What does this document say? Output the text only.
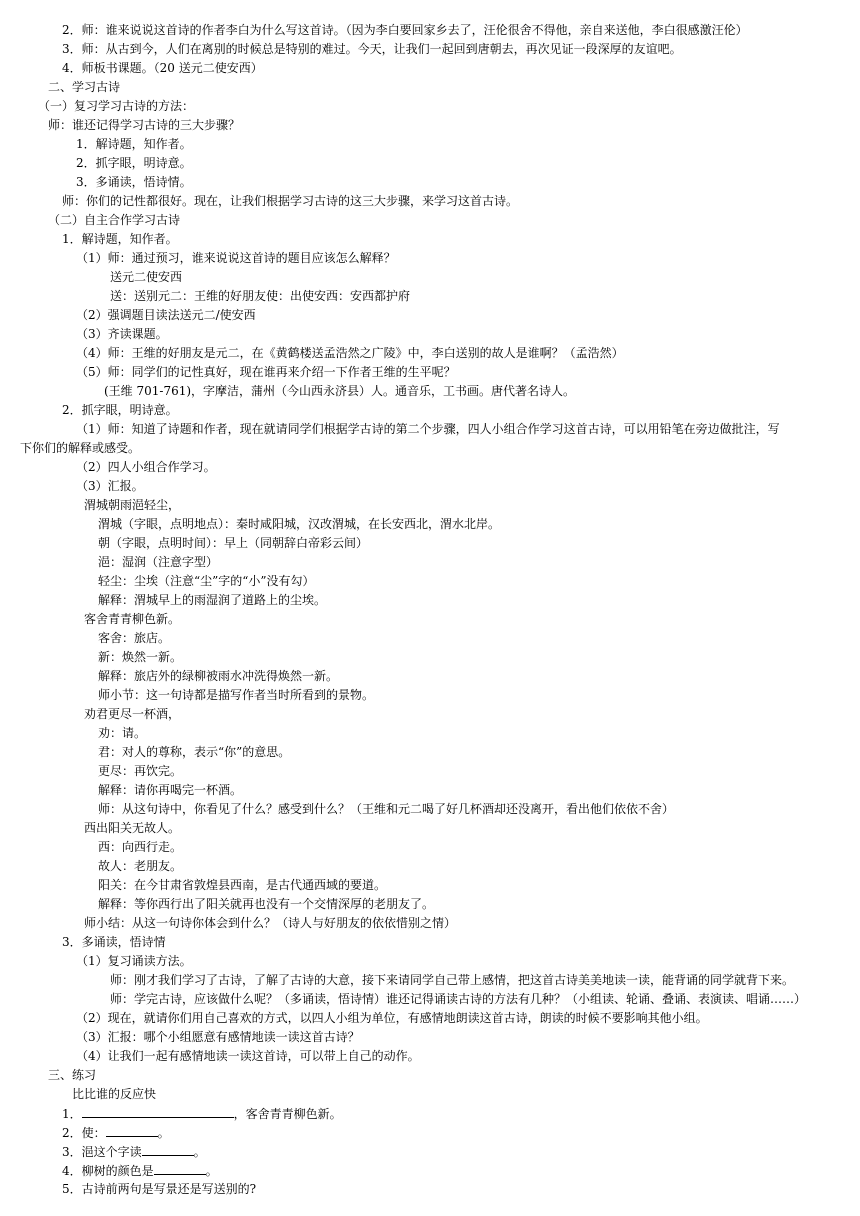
2．师：谁来说说这首诗的作者李白为什么写这首诗。（因为李白要回家乡去了，汪伦很舍不得他，亲自来送他，李白很感激汪伦）
3．师：从古到今，人们在离别的时候总是特别的难过。今天，让我们一起回到唐朝去，再次见证一段深厚的友谊吧。
4．师板书课题。（20 送元二使安西）
二、学习古诗
（一）复习学习古诗的方法：
师：谁还记得学习古诗的三大步骤？
1．解诗题，知作者。
2．抓字眼，明诗意。
3．多诵读，悟诗情。
师：你们的记性都很好。现在，让我们根据学习古诗的这三大步骤，来学习这首古诗。
（二）自主合作学习古诗
1．解诗题，知作者。
（1）师：通过预习，谁来说说这首诗的题目应该怎么解释？
送元二使安西
送：送别元二：王维的好朋友使：出使安西：安西都护府
（2）强调题目读法送元二/使安西
（3）齐读课题。
（4）师：王维的好朋友是元二，在《黄鹤楼送孟浩然之广陵》中，李白送别的故人是谁啊？（孟浩然）
（5）师：同学们的记性真好，现在谁再来介绍一下作者王维的生平呢？
(王维 701-761)，字摩洁，蒲州（今山西永济县）人。通音乐，工书画。唐代著名诗人。
2．抓字眼，明诗意。
（1）师：知道了诗题和作者，现在就请同学们根据学古诗的第二个步骤，四人小组合作学习这首古诗，可以用铅笔在旁边做批注，写
下你们的解释或感受。
（2）四人小组合作学习。
（3）汇报。
渭城朝雨浥轻尘，
渭城（字眼，点明地点）：秦时咸阳城，汉改渭城，在长安西北，渭水北岸。
朝（字眼，点明时间）：早上（同朝辞白帝彩云间）
浥：湿润（注意字型）
轻尘：尘埃（注意“尘”字的“小”没有勾）
解释：渭城早上的雨湿润了道路上的尘埃。
客舍青青柳色新。
客舍：旅店。
新：焕然一新。
解释：旅店外的绿柳被雨水冲洗得焕然一新。
师小节：这一句诗都是描写作者当时所看到的景物。
劝君更尽一杯酒，
劝：请。
君：对人的尊称，表示“你”的意思。
更尽：再饮完。
解释：请你再喝完一杯酒。
师：从这句诗中，你看见了什么？感受到什么？（王维和元二喝了好几杯酒却还没离开，看出他们依依不舍）
西出阳关无故人。
西：向西行走。
故人：老朋友。
阳关：在今甘肃省敦煌县西南，是古代通西域的要道。
解释：等你西行出了阳关就再也没有一个交情深厚的老朋友了。
师小结：从这一句诗你体会到什么？（诗人与好朋友的依依惜别之情）
3．多诵读，悟诗情
（1）复习诵读方法。
师：刚才我们学习了古诗，了解了古诗的大意，接下来请同学自己带上感情，把这首古诗美美地读一读，能背诵的同学就背下来。
师：学完古诗，应该做什么呢？（多诵读，悟诗情）谁还记得诵读古诗的方法有几种？（小组读、轮诵、叠诵、表演读、唱诵……）
（2）现在，就请你们用自己喜欢的方式，以四人小组为单位，有感情地朗读这首古诗，朗读的时候不要影响其他小组。
（3）汇报：哪个小组愿意有感情地读一读这首古诗？
（4）让我们一起有感情地读一读这首诗，可以带上自己的动作。
三、练习
比比谁的反应快
1．	，客舍青青柳色新。
2．使：	。
3．浥这个字读	。
4．柳树的颜色是	。
5．古诗前两句是写景还是写送别的?
